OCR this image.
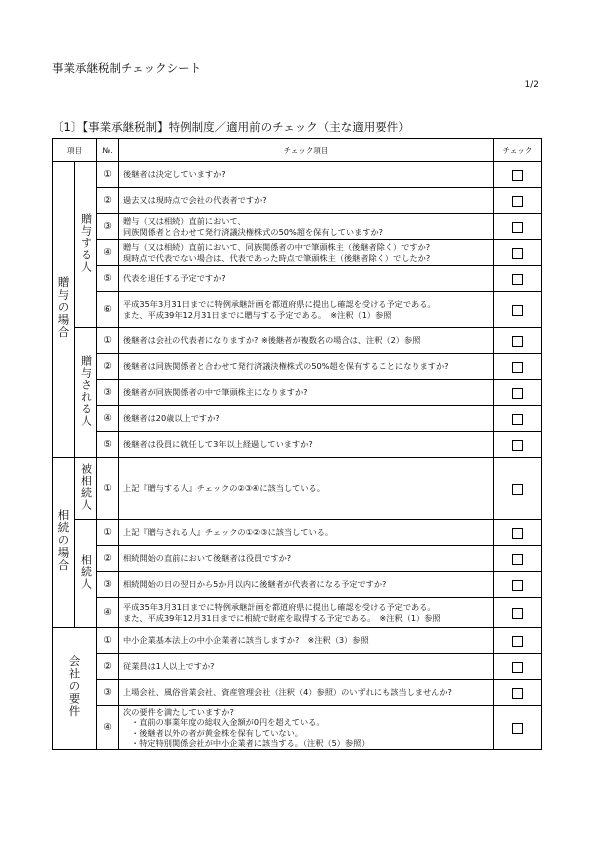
事業承継税制チェックシート
1/2
〔1〕【事業承継税制】特例制度／適用前のチェック（主な適用要件）
項目		№.	チェック項目	チェック
贈与の場合	贈与する人	①	後継者は決定していますか?	

		②	過去又は現時点で会社の代表者ですか?	

		③	贈与（又は相続）直前において、
同族関係者と合わせて発行済議決権株式の50%超を保有していますか?	

		④	贈与（又は相続）直前において、同族関係者の中で筆頭株主（後継者除く）ですか?
現時点で代表でない場合は、代表であった時点で筆頭株主（後継者除く）でしたか?	

		⑤	代表を退任する予定ですか?	

		⑥	平成35年3月31日までに特例承継計画を都道府県に提出し確認を受ける予定である。
また、平成39年12月31日までに贈与する予定である。　※注釈（1）参照	

	贈与される人	①	後継者は会社の代表者になりますか? ※後継者が複数名の場合は、注釈（2）参照	

		②	後継者は同族関係者と合わせて発行済議決権株式の50%超を保有することになりますか?	

		③	後継者が同族関係者の中で筆頭株主になりますか?	

		④	後継者は20歳以上ですか?	

		⑤	後継者は役員に就任して3年以上経過していますか?	

相続の場合	被相続人	①	上記『贈与する人』チェックの②③④に該当している。	

	相続人	①	上記『贈与される人』チェックの①②③に該当している。	

		②	相続開始の直前において後継者は役員ですか?	

		③	相続開始の日の翌日から5か月以内に後継者が代表者になる予定ですか?	

		④	平成35年3月31日までに特例承継計画を都道府県に提出し確認を受ける予定である。
また、平成39年12月31日までに相続で財産を取得する予定である。　※注釈（1）参照	

会社の要件		①	中小企業基本法上の中小企業者に該当しますか?　※注釈（3）参照	

		②	従業員は1人以上ですか?	

		③	上場会社、風俗営業会社、資産管理会社（注釈（4）参照）のいずれにも該当しませんか?	

		④	次の要件を満たしていますか?
・直前の事業年度の総収入金額が0円を超えている。
・後継者以外の者が黄金株を保有していない。
・特定特別関係会社が中小企業者に該当する。（注釈（5）参照）	
